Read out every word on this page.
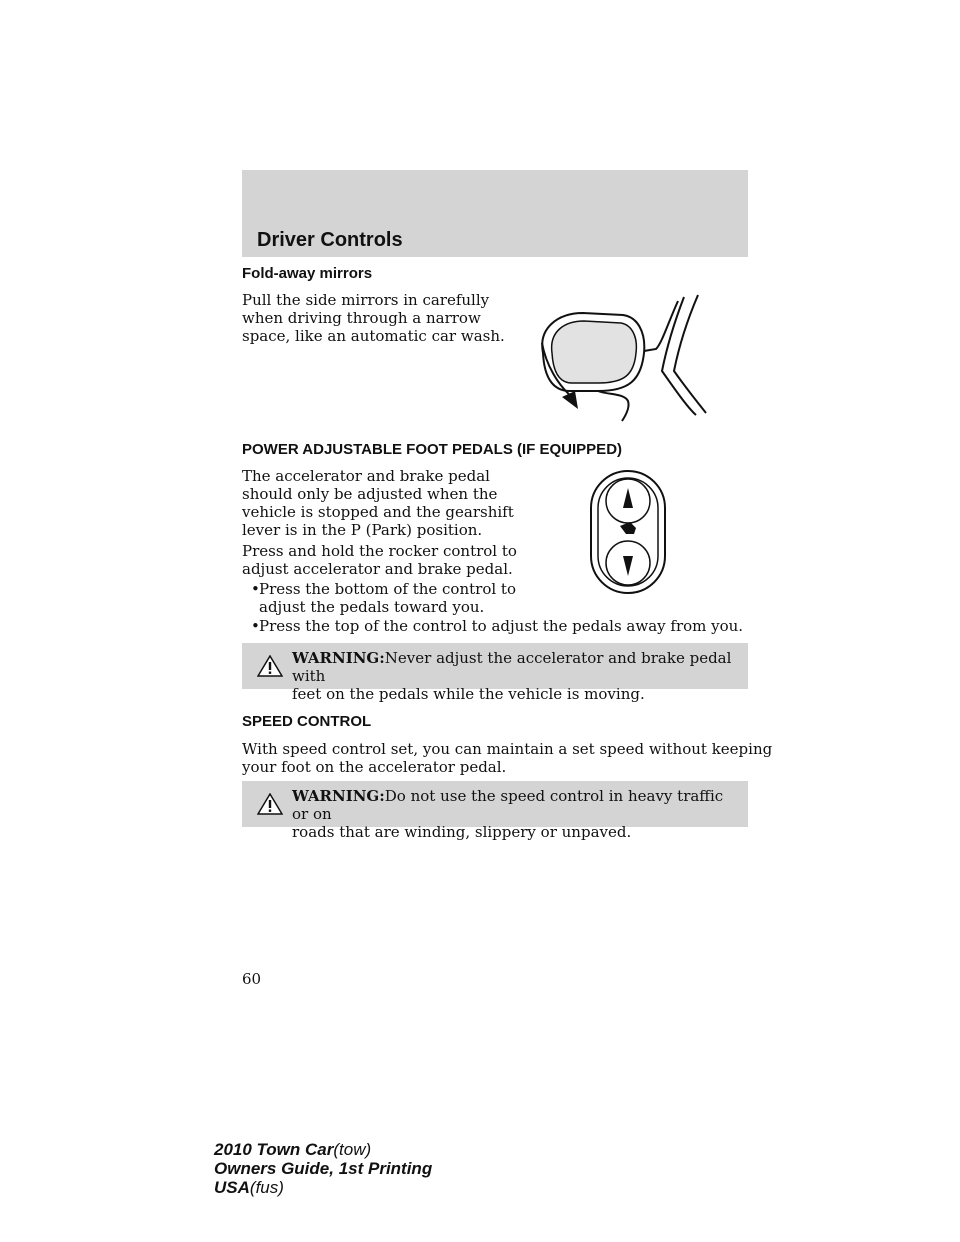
Driver Controls
Fold-away mirrors

Pull the side mirrors in carefully
when driving through a narrow
space, like an automatic car wash.

POWER ADJUSTABLE FOOT PEDALS (IF EQUIPPED)

The accelerator and brake pedal
should only be adjusted when the
vehicle is stopped and the gearshift
lever is in the P (Park) position.

Press and hold the rocker control to
adjust accelerator and brake pedal.

• Press the bottom of the control to
adjust the pedals toward you.
• Press the top of the control to adjust the pedals away from you.

WARNING:Never adjust the accelerator and brake pedal with
feet on the pedals while the vehicle is moving.

SPEED CONTROL

With speed control set, you can maintain a set speed without keeping
your foot on the accelerator pedal.

WARNING:Do not use the speed control in heavy traffic or on
roads that are winding, slippery or unpaved.

60

2010 Town Car(tow)
Owners Guide, 1st Printing
USA(fus)
